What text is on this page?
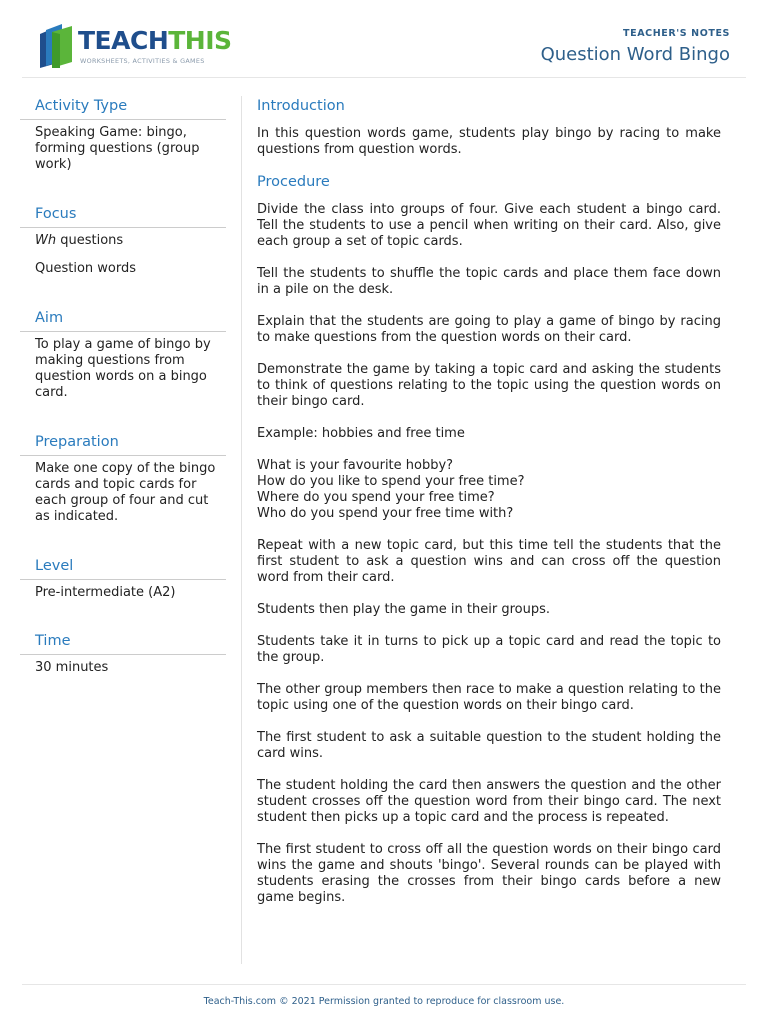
TEACHTHIS
WORKSHEETS, ACTIVITIES & GAMES
TEACHER'S NOTES
Question Word Bingo
Activity Type

Speaking Game: bingo, forming questions (group work)

Focus

Wh questions

Question words

Aim

To play a game of bingo by making questions from question words on a bingo card.

Preparation

Make one copy of the bingo cards and topic cards for each group of four and cut as indicated.

Level

Pre-intermediate (A2)

Time

30 minutes

Introduction

In this question words game, students play bingo by racing to make questions from question words.

Procedure

Divide the class into groups of four. Give each student a bingo card. Tell the students to use a pencil when writing on their card. Also, give each group a set of topic cards.

Tell the students to shuffle the topic cards and place them face down in a pile on the desk.

Explain that the students are going to play a game of bingo by racing to make questions from the question words on their card.

Demonstrate the game by taking a topic card and asking the students to think of questions relating to the topic using the question words on their bingo card.

Example: hobbies and free time

What is your favourite hobby?
How do you like to spend your free time?
Where do you spend your free time?
Who do you spend your free time with?

Repeat with a new topic card, but this time tell the students that the first student to ask a question wins and can cross off the question word from their card.

Students then play the game in their groups.

Students take it in turns to pick up a topic card and read the topic to the group.

The other group members then race to make a question relating to the topic using one of the question words on their bingo card.

The first student to ask a suitable question to the student holding the card wins.

The student holding the card then answers the question and the other student crosses off the question word from their bingo card. The next student then picks up a topic card and the process is repeated.

The first student to cross off all the question words on their bingo card wins the game and shouts 'bingo'. Several rounds can be played with students erasing the crosses from their bingo cards before a new game begins.

Teach-This.com © 2021 Permission granted to reproduce for classroom use.
